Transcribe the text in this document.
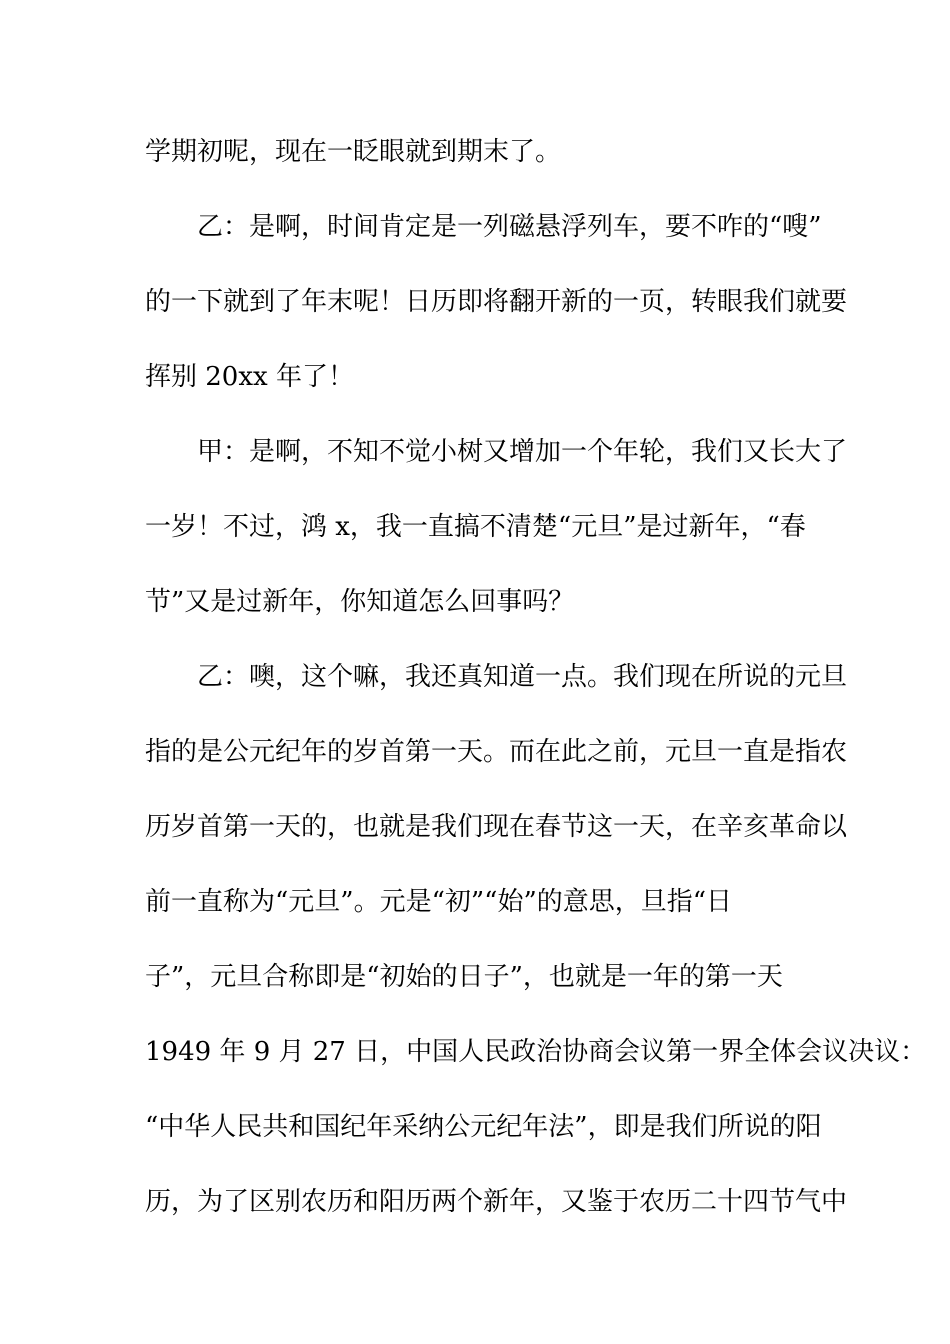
学期初呢，现在一眨眼就到期末了。
乙：是啊，时间肯定是一列磁悬浮列车，要不咋的“嗖”
的一下就到了年末呢！日历即将翻开新的一页，转眼我们就要
挥别 20xx 年了！
甲：是啊，不知不觉小树又增加一个年轮，我们又长大了
一岁！不过，鸿 x，我一直搞不清楚“元旦”是过新年，“春
节”又是过新年，你知道怎么回事吗？
乙：噢，这个嘛，我还真知道一点。我们现在所说的元旦
指的是公元纪年的岁首第一天。而在此之前，元旦一直是指农
历岁首第一天的，也就是我们现在春节这一天，在辛亥革命以
前一直称为“元旦”。元是“初”“始”的意思，旦指“日
子”，元旦合称即是“初始的日子”，也就是一年的第一天
1949 年 9 月 27 日，中国人民政治协商会议第一界全体会议决议：
“中华人民共和国纪年采纳公元纪年法”，即是我们所说的阳
历，为了区别农历和阳历两个新年，又鉴于农历二十四节气中
